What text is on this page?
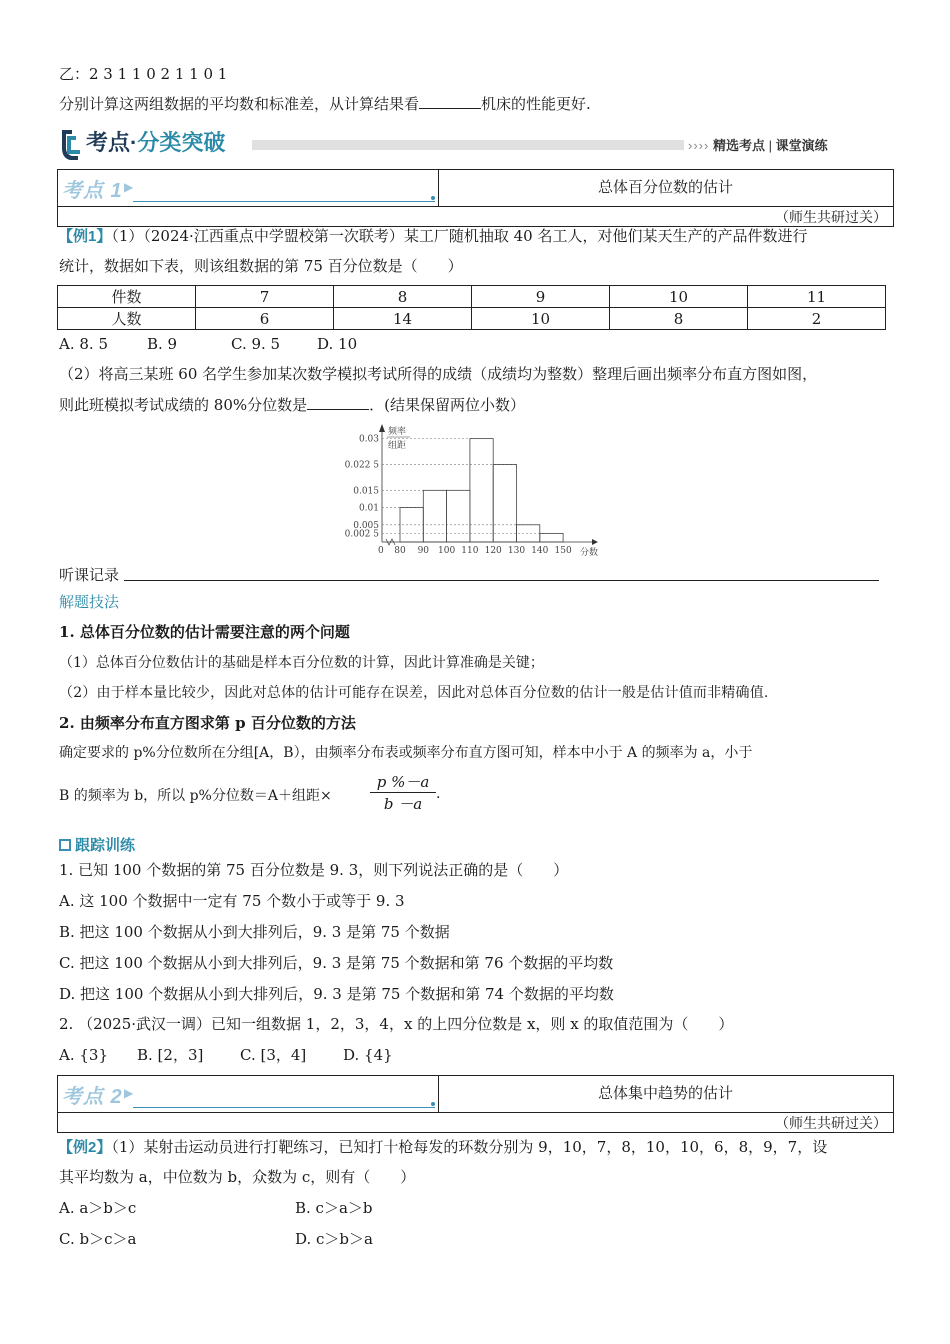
乙：2 3 1 1 0 2 1 1 0 1
分别计算这两组数据的平均数和标准差，从计算结果看	机床的性能更好.
考点·分类突破	›››› 精选考点 | 课堂演练
考点 1 ▶	总体百分位数的估计
（师生共研过关）
【例1】（1）（2024·江西重点中学盟校第一次联考）某工厂随机抽取 40 名工人，对他们某天生产的产品件数进行
统计，数据如下表，则该组数据的第 75 百分位数是（　　）
件数	7	8	9	10	11
人数	6	14	10	8	2
A. 8. 5	B. 9	C. 9. 5 D. 10
（2）将高三某班 60 名学生参加某次数学模拟考试所得的成绩（成绩均为整数）整理后画出频率分布直方图如图，
则此班模拟考试成绩的 80%分位数是	．(结果保留两位小数）
频率
组距
分数
0
0.03
0.022 5
0.015
0.01
0.005
0.002 5
80 90 100 110 120 130 140 150
听课记录
解题技法
1. 总体百分位数的估计需要注意的两个问题
（1）总体百分位数估计的基础是样本百分位数的计算，因此计算准确是关键；
（2）由于样本量比较少，因此对总体的估计可能存在误差，因此对总体百分位数的估计一般是估计值而非精确值.
2. 由频率分布直方图求第 p 百分位数的方法
确定要求的 p%分位数所在分组[A，B），由频率分布表或频率分布直方图可知，样本中小于 A 的频率为 a，小于
B 的频率为 b，所以 p%分位数＝A＋组距×
p %－a
b －a
.
跟踪训练
1. 已知 100 个数据的第 75 百分位数是 9. 3，则下列说法正确的是（　　）
A. 这 100 个数据中一定有 75 个数小于或等于 9. 3
B. 把这 100 个数据从小到大排列后，9. 3 是第 75 个数据
C. 把这 100 个数据从小到大排列后，9. 3 是第 75 个数据和第 76 个数据的平均数
D. 把这 100 个数据从小到大排列后，9. 3 是第 75 个数据和第 74 个数据的平均数
2. （2025·武汉一调）已知一组数据 1，2，3，4，x 的上四分位数是 x，则 x 的取值范围为（　　）
A. {3} B. [2，3] C. [3，4] D. {4}
考点 2 ▶	总体集中趋势的估计
（师生共研过关）
【例2】（1）某射击运动员进行打靶练习，已知打十枪每发的环数分别为 9，10，7，8，10，10，6，8，9，7，设
其平均数为 a，中位数为 b，众数为 c，则有（　　）
A. a＞b＞c	B. c＞a＞b
C. b＞c＞a	D. c＞b＞a
